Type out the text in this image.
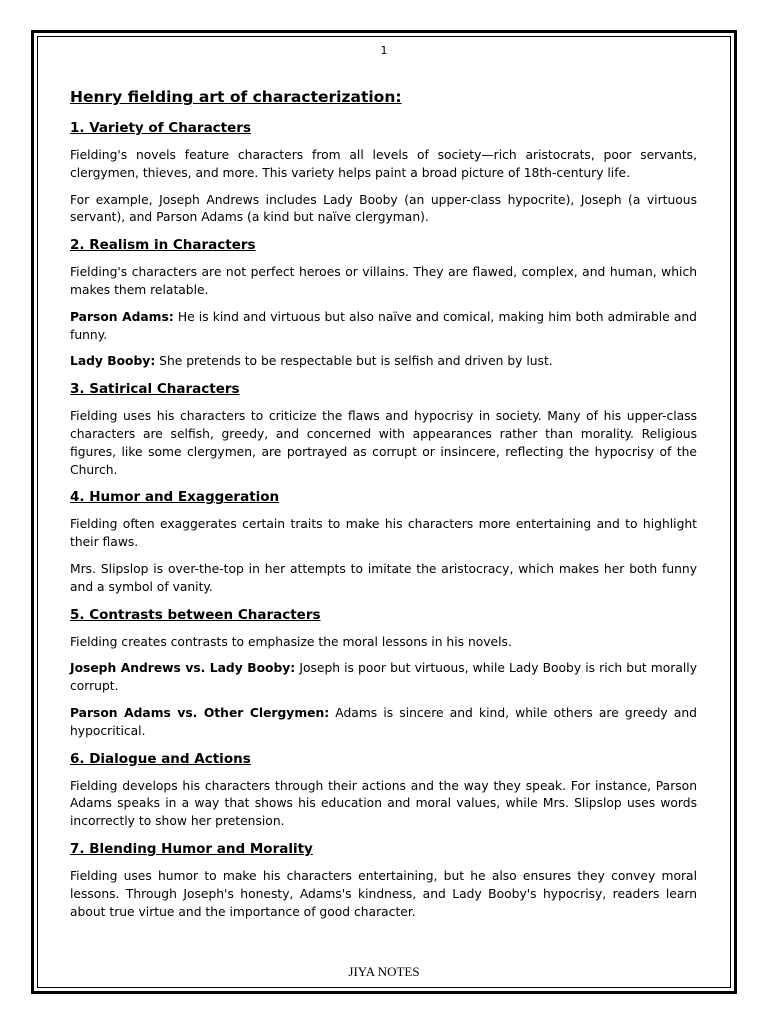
1
Henry fielding art of characterization:
1. Variety of Characters

Fielding's novels feature characters from all levels of society—rich aristocrats, poor servants, clergymen, thieves, and more. This variety helps paint a broad picture of 18th-century life.

For example, Joseph Andrews includes Lady Booby (an upper-class hypocrite), Joseph (a virtuous servant), and Parson Adams (a kind but naïve clergyman).

2. Realism in Characters

Fielding's characters are not perfect heroes or villains. They are flawed, complex, and human, which makes them relatable.

Parson Adams: He is kind and virtuous but also naïve and comical, making him both admirable and funny.

Lady Booby: She pretends to be respectable but is selfish and driven by lust.

3. Satirical Characters

Fielding uses his characters to criticize the flaws and hypocrisy in society. Many of his upper-class characters are selfish, greedy, and concerned with appearances rather than morality. Religious figures, like some clergymen, are portrayed as corrupt or insincere, reflecting the hypocrisy of the Church.

4. Humor and Exaggeration

Fielding often exaggerates certain traits to make his characters more entertaining and to highlight their flaws.

Mrs. Slipslop is over-the-top in her attempts to imitate the aristocracy, which makes her both funny and a symbol of vanity.

5. Contrasts between Characters

Fielding creates contrasts to emphasize the moral lessons in his novels.

Joseph Andrews vs. Lady Booby: Joseph is poor but virtuous, while Lady Booby is rich but morally corrupt.

Parson Adams vs. Other Clergymen: Adams is sincere and kind, while others are greedy and hypocritical.

6. Dialogue and Actions

Fielding develops his characters through their actions and the way they speak. For instance, Parson Adams speaks in a way that shows his education and moral values, while Mrs. Slipslop uses words incorrectly to show her pretension.

7. Blending Humor and Morality

Fielding uses humor to make his characters entertaining, but he also ensures they convey moral lessons. Through Joseph's honesty, Adams's kindness, and Lady Booby's hypocrisy, readers learn about true virtue and the importance of good character.

JIYA NOTES
